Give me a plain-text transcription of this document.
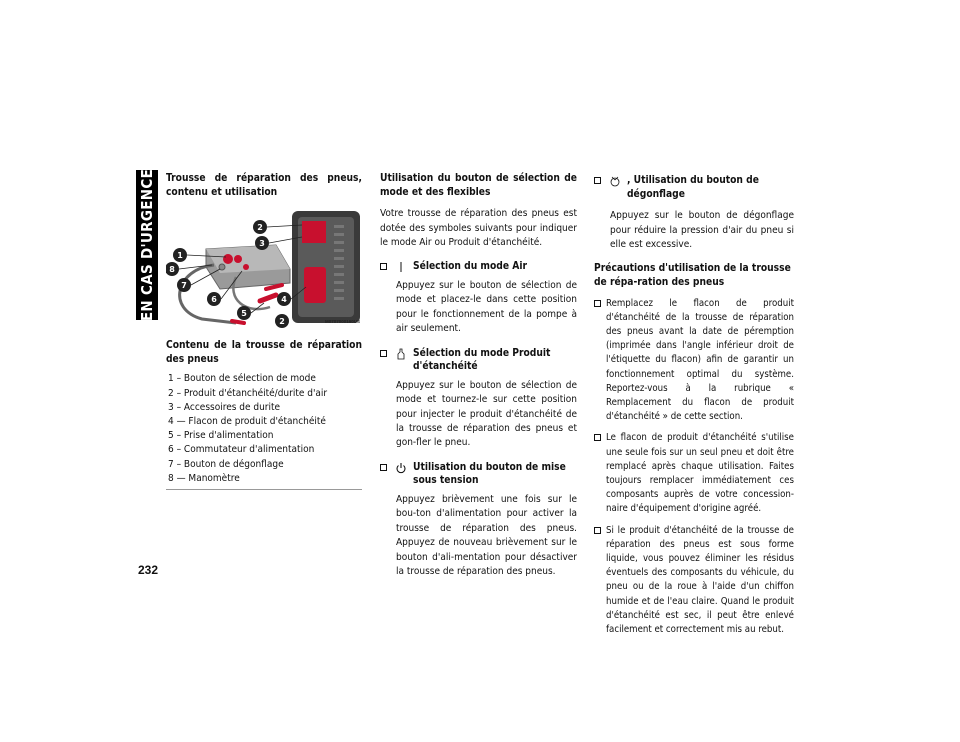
EN CAS D'URGENCE
232
Trousse de réparation des pneus, contenu et utilisation
1
2
2
3
4
5
6
7
8
M0707000160US
Contenu de la trousse de réparation des pneus
1 – Bouton de sélection de mode
2 – Produit d'étanchéité/durite d'air
3 – Accessoires de durite
4 — Flacon de produit d'étanchéité
5 – Prise d'alimentation
6 – Commutateur d'alimentation
7 – Bouton de dégonflage
8 — Manomètre
Utilisation du bouton de sélection de mode et des flexibles
Votre trousse de réparation des pneus est dotée des symboles suivants pour indiquer le mode Air ou Produit d'étanchéité.
Sélection du mode Air
Appuyez sur le bouton de sélection de mode et placez-le dans cette position pour le fonctionnement de la pompe à air seulement.
Sélection du mode Produit d'étanchéité
Appuyez sur le bouton de sélection de mode et tournez-le sur cette position pour injecter le produit d'étanchéité de la trousse de réparation des pneus et gon-fler le pneu.
Utilisation du bouton de mise sous tension
Appuyez brièvement une fois sur le bou-ton d'alimentation pour activer la trousse de réparation des pneus. Appuyez de nouveau brièvement sur le bouton d'ali-mentation pour désactiver la trousse de réparation des pneus.
, Utilisation du bouton de dégonflage
Appuyez sur le bouton de dégonflage pour réduire la pression d'air du pneu si elle est excessive.
Précautions d'utilisation de la trousse de répa-ration des pneus
Remplacez le flacon de produit d'étanchéité de la trousse de réparation des pneus avant la date de péremption (imprimée dans l'angle inférieur droit de l'étiquette du flacon) afin de garantir un fonctionnement optimal du système. Reportez-vous à la rubrique « Remplacement du flacon de produit d'étanchéité » de cette section.
Le flacon de produit d'étanchéité s'utilise une seule fois sur un seul pneu et doit être remplacé après chaque utilisation. Faites toujours remplacer immédiatement ces composants auprès de votre concession-naire d'équipement d'origine agréé.
Si le produit d'étanchéité de la trousse de réparation des pneus est sous forme liquide, vous pouvez éliminer les résidus éventuels des composants du véhicule, du pneu ou de la roue à l'aide d'un chiffon humide et de l'eau claire. Quand le produit d'étanchéité est sec, il peut être enlevé facilement et correctement mis au rebut.
